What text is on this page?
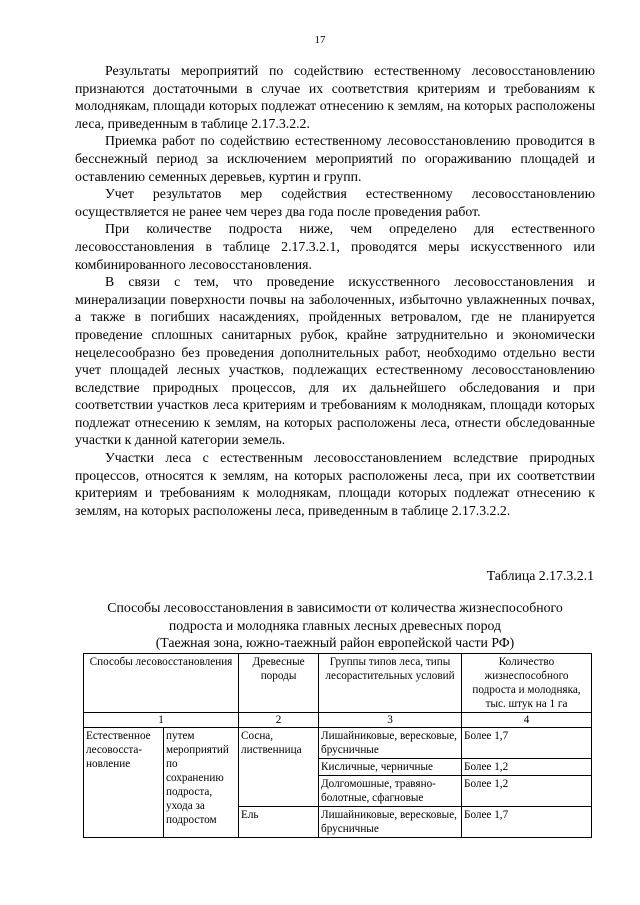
17

Результаты мероприятий по содействию естественному лесовосстановлению признаются достаточными в случае их соответствия критериям и требованиям к молоднякам, площади которых подлежат отнесению к землям, на которых расположены леса, приведенным в таблице 2.17.3.2.2.

Приемка работ по содействию естественному лесовосстановлению проводится в бесснежный период за исключением мероприятий по огораживанию площадей и оставлению семенных деревьев, куртин и групп.

Учет результатов мер содействия естественному лесовосстановлению осуществляется не ранее чем через два года после проведения работ.

При количестве подроста ниже, чем определено для естественного лесовосстановления в таблице 2.17.3.2.1, проводятся меры искусственного или комбинированного лесовосстановления.

В связи с тем, что проведение искусственного лесовосстановления и минерализации поверхности почвы на заболоченных, избыточно увлажненных почвах, а также в погибших насаждениях, пройденных ветровалом, где не планируется проведение сплошных санитарных рубок, крайне затруднительно и экономически нецелесообразно без проведения дополнительных работ, необходимо отдельно вести учет площадей лесных участков, подлежащих естественному лесовосстановлению вследствие природных процессов, для их дальнейшего обследования и при соответствии участков леса критериям и требованиям к молоднякам, площади которых подлежат отнесению к землям, на которых расположены леса, отнести обследованные участки к данной категории земель.

Участки леса с естественным лесовосстановлением вследствие природных процессов, относятся к землям, на которых расположены леса, при их соответствии критериям и требованиям к молоднякам, площади которых подлежат отнесению к землям, на которых расположены леса, приведенным в таблице 2.17.3.2.2.

Таблица 2.17.3.2.1
Способы лесовосстановления в зависимости от количества жизнеспособного
подроста и молодняка главных лесных древесных пород
(Таежная зона, южно-таежный район европейской части РФ)
Способы лесовосстановления		Древесные породы	Группы типов леса, типы лесорастительных условий	Количество жизнеспособного подроста и молодняка, тыс. штук на 1 га
1		2	3	4
Естественное лесовосста-новление	путем мероприятий по сохранению подроста, ухода за подростом	Сосна, лиственница	Лишайниковые, вересковые, брусничные	Более 1,7
			Кисличные, черничные	Более 1,2
			Долгомошные, травяно-болотные, сфагновые	Более 1,2
		Ель	Лишайниковые, вересковые, брусничные	Более 1,7
